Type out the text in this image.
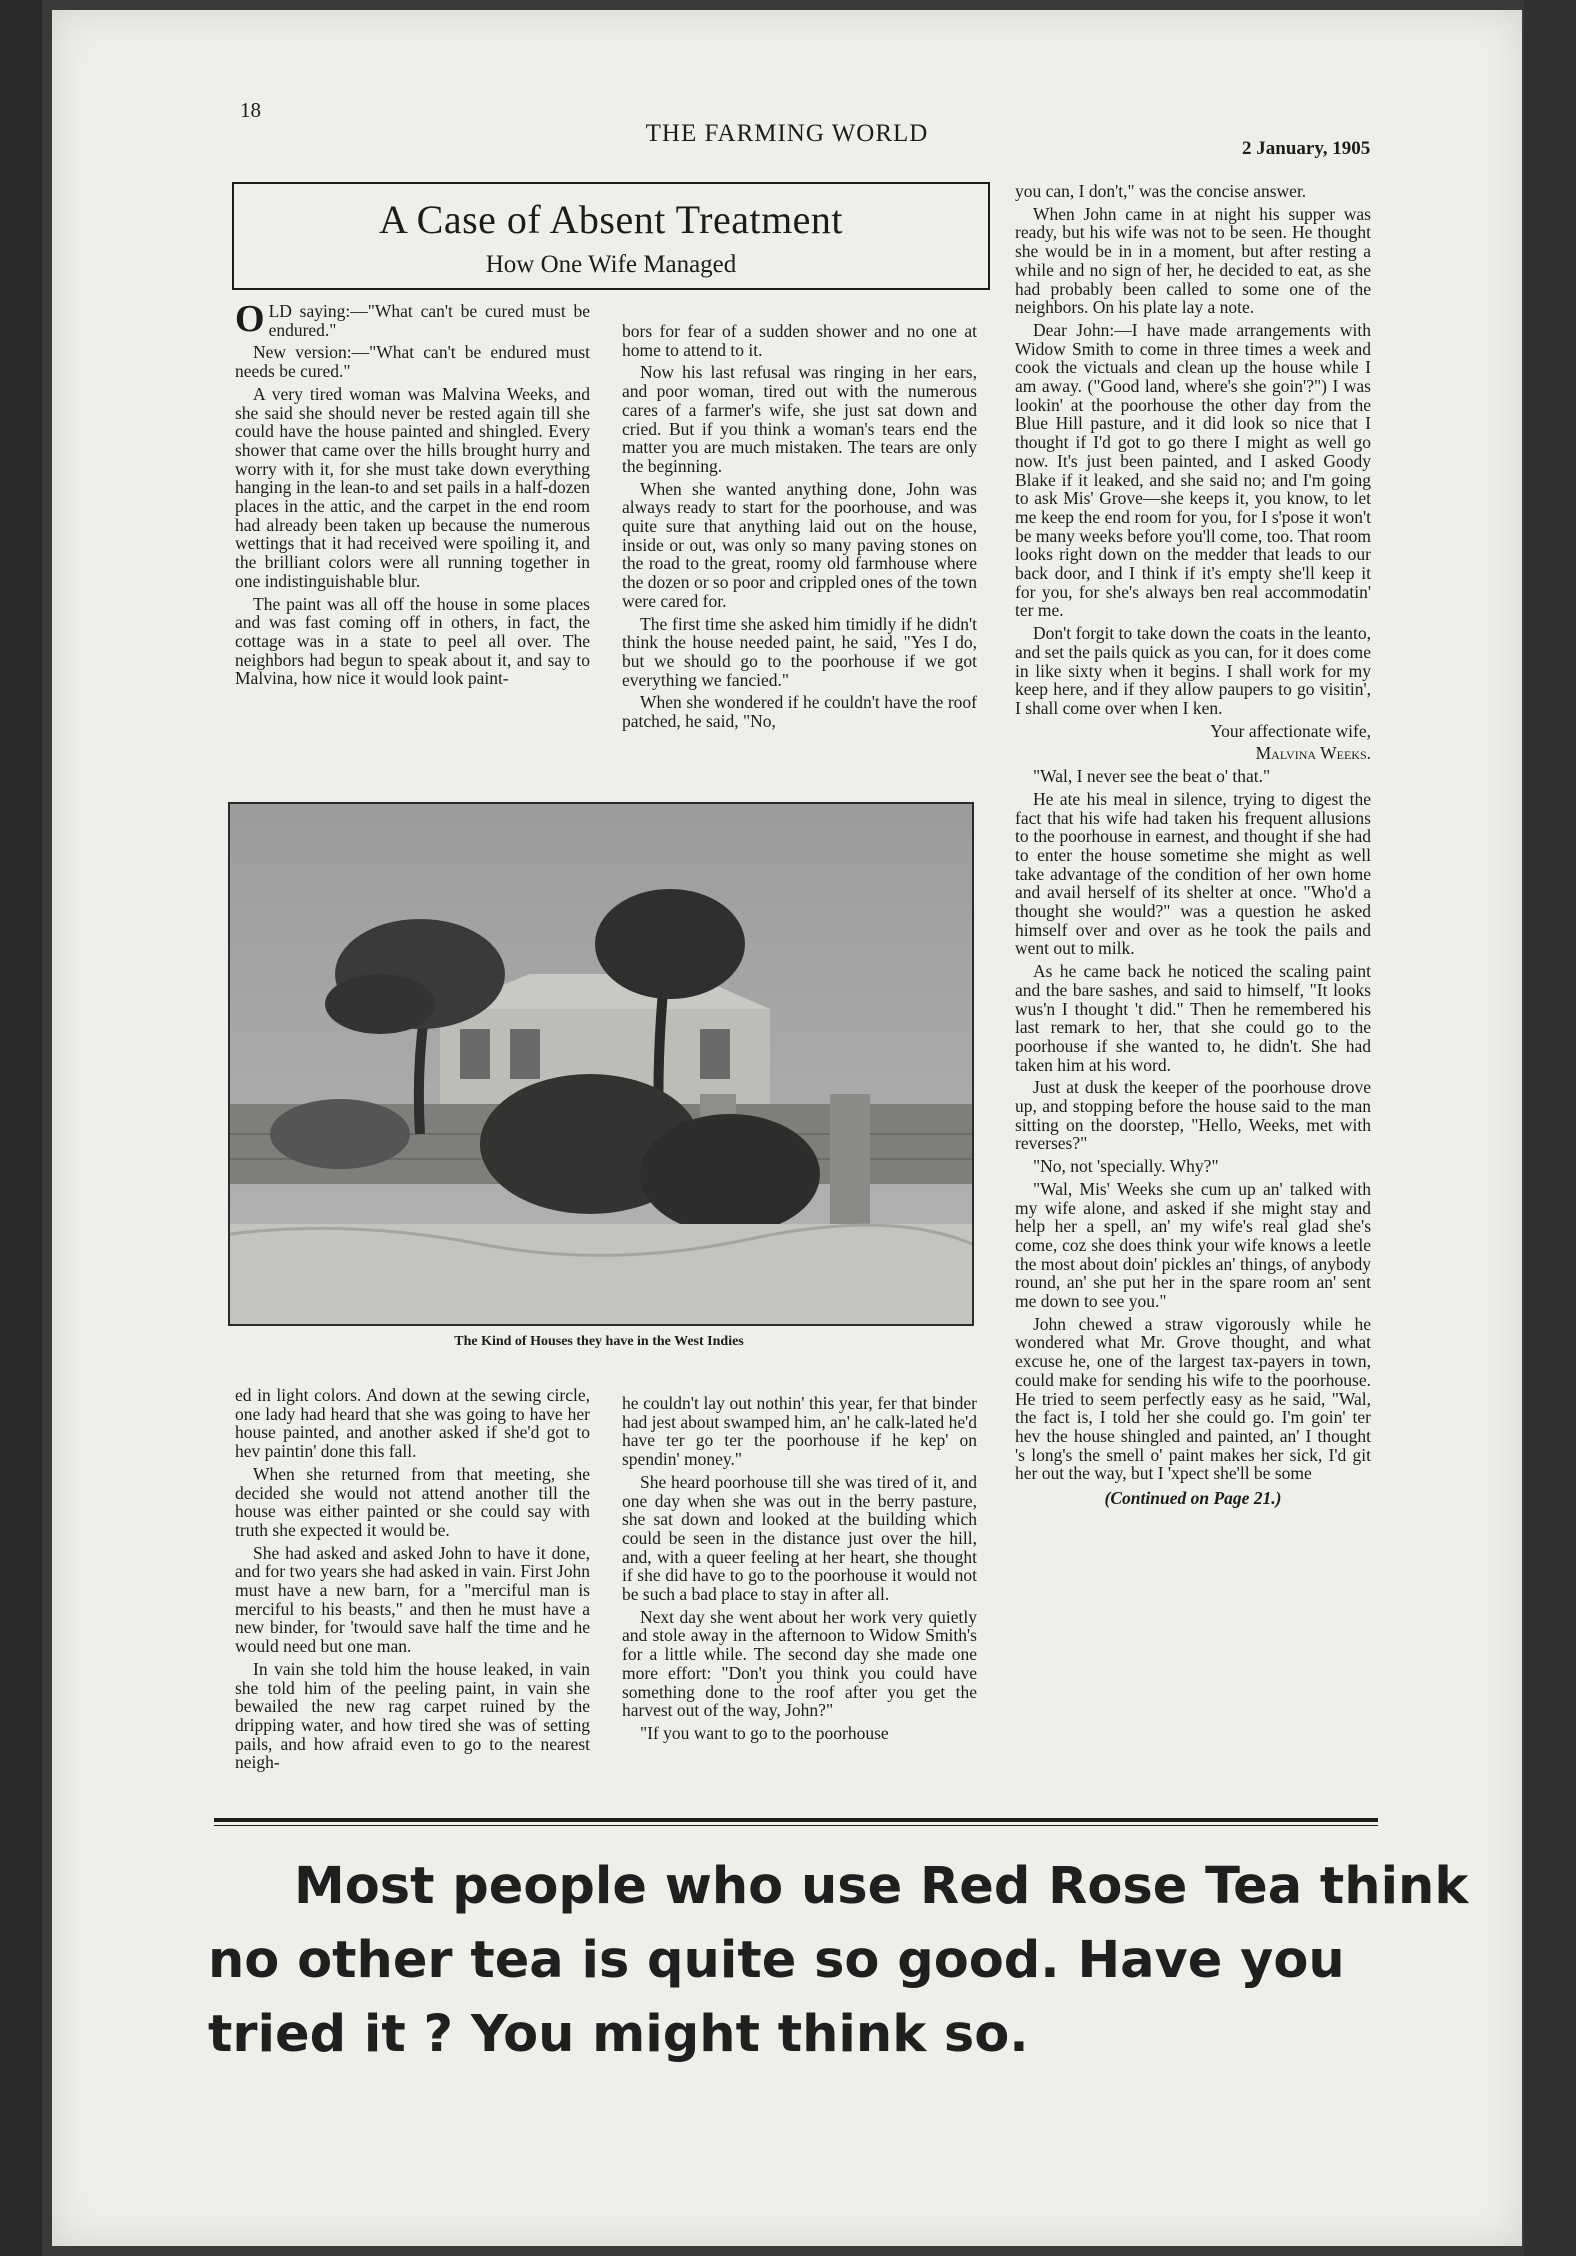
18
THE FARMING WORLD
2 January, 1905
A Case of Absent Treatment
How One Wife Managed

OLD saying:—"What can't be cured must be endured."

New version:—"What can't be endured must needs be cured."

A very tired woman was Malvina Weeks, and she said she should never be rested again till she could have the house painted and shingled. Every shower that came over the hills brought hurry and worry with it, for she must take down everything hanging in the lean-to and set pails in a half-dozen places in the attic, and the carpet in the end room had already been taken up because the numerous wettings that it had received were spoiling it, and the brilliant colors were all running together in one indistinguishable blur.

The paint was all off the house in some places and was fast coming off in others, in fact, the cottage was in a state to peel all over. The neighbors had begun to speak about it, and say to Malvina, how nice it would look paint-

bors for fear of a sudden shower and no one at home to attend to it.

Now his last refusal was ringing in her ears, and poor woman, tired out with the numerous cares of a farmer's wife, she just sat down and cried. But if you think a woman's tears end the matter you are much mistaken. The tears are only the beginning.

When she wanted anything done, John was always ready to start for the poorhouse, and was quite sure that anything laid out on the house, inside or out, was only so many paving stones on the road to the great, roomy old farmhouse where the dozen or so poor and crippled ones of the town were cared for.

The first time she asked him timidly if he didn't think the house needed paint, he said, "Yes I do, but we should go to the poorhouse if we got everything we fancied."

When she wondered if he couldn't have the roof patched, he said, "No,

The Kind of Houses they have in the West Indies

ed in light colors. And down at the sewing circle, one lady had heard that she was going to have her house painted, and another asked if she'd got to hev paintin' done this fall.

When she returned from that meeting, she decided she would not attend another till the house was either painted or she could say with truth she expected it would be.

She had asked and asked John to have it done, and for two years she had asked in vain. First John must have a new barn, for a "merciful man is merciful to his beasts," and then he must have a new binder, for 'twould save half the time and he would need but one man.

In vain she told him the house leaked, in vain she told him of the peeling paint, in vain she bewailed the new rag carpet ruined by the dripping water, and how tired she was of setting pails, and how afraid even to go to the nearest neigh-

he couldn't lay out nothin' this year, fer that binder had jest about swamped him, an' he calk-lated he'd have ter go ter the poorhouse if he kep' on spendin' money."

She heard poorhouse till she was tired of it, and one day when she was out in the berry pasture, she sat down and looked at the building which could be seen in the distance just over the hill, and, with a queer feeling at her heart, she thought if she did have to go to the poorhouse it would not be such a bad place to stay in after all.

Next day she went about her work very quietly and stole away in the afternoon to Widow Smith's for a little while. The second day she made one more effort: "Don't you think you could have something done to the roof after you get the harvest out of the way, John?"

"If you want to go to the poorhouse

you can, I don't," was the concise answer.

When John came in at night his supper was ready, but his wife was not to be seen. He thought she would be in in a moment, but after resting a while and no sign of her, he decided to eat, as she had probably been called to some one of the neighbors. On his plate lay a note.

Dear John:—I have made arrangements with Widow Smith to come in three times a week and cook the victuals and clean up the house while I am away. ("Good land, where's she goin'?") I was lookin' at the poorhouse the other day from the Blue Hill pasture, and it did look so nice that I thought if I'd got to go there I might as well go now. It's just been painted, and I asked Goody Blake if it leaked, and she said no; and I'm going to ask Mis' Grove—she keeps it, you know, to let me keep the end room for you, for I s'pose it won't be many weeks before you'll come, too. That room looks right down on the medder that leads to our back door, and I think if it's empty she'll keep it for you, for she's always ben real accommodatin' ter me.

Don't forgit to take down the coats in the leanto, and set the pails quick as you can, for it does come in like sixty when it begins. I shall work for my keep here, and if they allow paupers to go visitin', I shall come over when I ken.

Your affectionate wife,

Malvina Weeks.

"Wal, I never see the beat o' that."

He ate his meal in silence, trying to digest the fact that his wife had taken his frequent allusions to the poorhouse in earnest, and thought if she had to enter the house sometime she might as well take advantage of the condition of her own home and avail herself of its shelter at once. "Who'd a thought she would?" was a question he asked himself over and over as he took the pails and went out to milk.

As he came back he noticed the scaling paint and the bare sashes, and said to himself, "It looks wus'n I thought 't did." Then he remembered his last remark to her, that she could go to the poorhouse if she wanted to, he didn't. She had taken him at his word.

Just at dusk the keeper of the poorhouse drove up, and stopping before the house said to the man sitting on the doorstep, "Hello, Weeks, met with reverses?"

"No, not 'specially. Why?"

"Wal, Mis' Weeks she cum up an' talked with my wife alone, and asked if she might stay and help her a spell, an' my wife's real glad she's come, coz she does think your wife knows a leetle the most about doin' pickles an' things, of anybody round, an' she put her in the spare room an' sent me down to see you."

John chewed a straw vigorously while he wondered what Mr. Grove thought, and what excuse he, one of the largest tax-payers in town, could make for sending his wife to the poorhouse. He tried to seem perfectly easy as he said, "Wal, the fact is, I told her she could go. I'm goin' ter hev the house shingled and painted, an' I thought 's long's the smell o' paint makes her sick, I'd git her out the way, but I 'xpect she'll be some

(Continued on Page 21.)
Most people who use Red Rose Tea think
no other tea is quite so good. Have you
tried it ? You might think so.
